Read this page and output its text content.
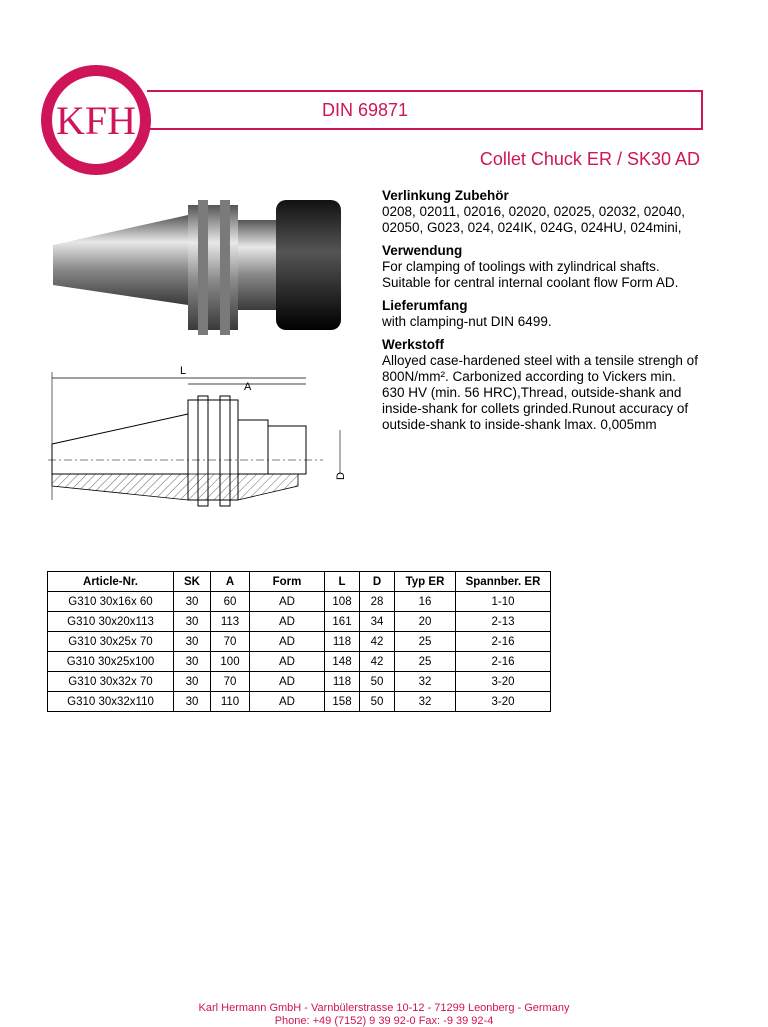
KFH	DIN 69871
Collet Chuck ER / SK30 AD
L
A
D
Verlinkung Zubehör

0208, 02011, 02016, 02020, 02025, 02032, 02040, 02050, G023, 024, 024IK, 024G, 024HU, 024mini,

Verwendung

For clamping of toolings with zylindrical shafts. Suitable for central internal coolant flow Form AD.

Lieferumfang

with clamping-nut DIN 6499.

Werkstoff

Alloyed case-hardened steel with a tensile strengh of 800N/mm². Carbonized according to Vickers min. 630 HV (min. 56 HRC),Thread, outside-shank and inside-shank for collets grinded.Runout accuracy of outside-shank to inside-shank lmax. 0,005mm

Article-Nr.	SK	A	Form	L	D	Typ ER	Spannber. ER
G310 30x16x 60	30	60	AD	108	28	16	1-10
G310 30x20x113	30	113	AD	161	34	20	2-13
G310 30x25x 70	30	70	AD	118	42	25	2-16
G310 30x25x100	30	100	AD	148	42	25	2-16
G310 30x32x 70	30	70	AD	118	50	32	3-20
G310 30x32x110	30	110	AD	158	50	32	3-20
Karl Hermann GmbH - Varnbülerstrasse 10-12 - 71299 Leonberg - Germany
Phone: +49 (7152) 9 39 92-0 Fax: -9 39 92-4
